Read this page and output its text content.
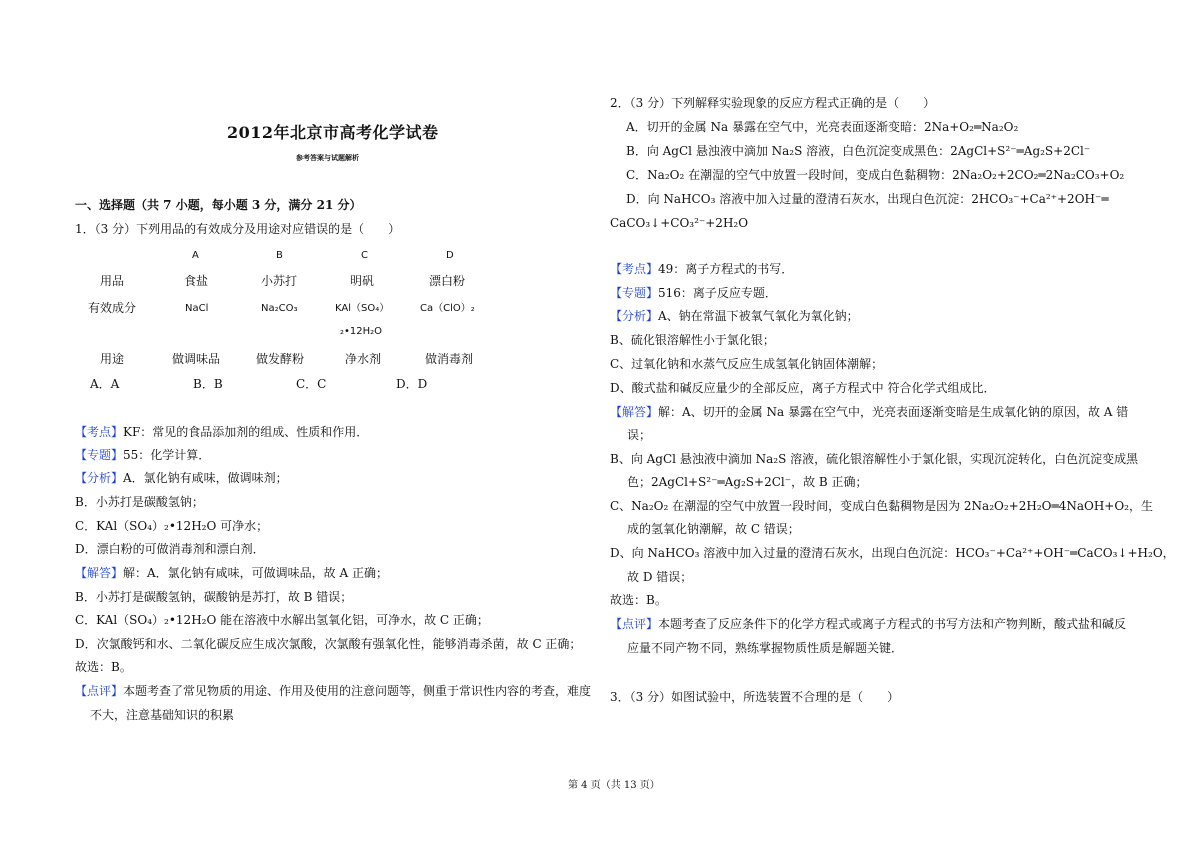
2012年北京市高考化学试卷
参考答案与试题解析
一、选择题（共 7 小题，每小题 3 分，满分 21 分）
1．（3 分）下列用品的有效成分及用途对应错误的是（　　）
A	B	C	D
用品	食盐	小苏打	明矾	漂白粉
有效成分	NaCl	Na₂CO₃	KAl（SO₄）	Ca（ClO）₂
₂•12H₂O
用途	做调味品	做发酵粉	净水剂	做消毒剂
A．A	B．B	C．C	D．D
【考点】KF：常见的食品添加剂的组成、性质和作用．
【专题】55：化学计算．
【分析】A．氯化钠有咸味，做调味剂；
B．小苏打是碳酸氢钠；
C．KAl（SO₄）₂•12H₂O 可净水；
D．漂白粉的可做消毒剂和漂白剂．
【解答】解：A．氯化钠有咸味，可做调味品，故 A 正确；
B．小苏打是碳酸氢钠，碳酸钠是苏打，故 B 错误；
C．KAl（SO₄）₂•12H₂O 能在溶液中水解出氢氧化铝，可净水，故 C 正确；
D．次氯酸钙和水、二氧化碳反应生成次氯酸，次氯酸有强氧化性，能够消毒杀菌，故 C 正确；
故选：B。
【点评】本题考查了常见物质的用途、作用及使用的注意问题等，侧重于常识性内容的考查，难度
不大，注意基础知识的积累
2．（3 分）下列解释实验现象的反应方程式正确的是（　　）
A．切开的金属 Na 暴露在空气中，光亮表面逐渐变暗：2Na+O₂═Na₂O₂
B．向 AgCl 悬浊液中滴加 Na₂S 溶液，白色沉淀变成黑色：2AgCl+S²⁻═Ag₂S+2Cl⁻
C．Na₂O₂ 在潮湿的空气中放置一段时间，变成白色黏稠物：2Na₂O₂+2CO₂═2Na₂CO₃+O₂
D．向 NaHCO₃ 溶液中加入过量的澄清石灰水，出现白色沉淀：2HCO₃⁻+Ca²⁺+2OH⁻═
CaCO₃↓+CO₃²⁻+2H₂O
【考点】49：离子方程式的书写．
【专题】516：离子反应专题．
【分析】A、钠在常温下被氧气氧化为氧化钠；
B、硫化银溶解性小于氯化银；
C、过氧化钠和水蒸气反应生成氢氧化钠固体潮解；
D、酸式盐和碱反应量少的全部反应，离子方程式中 符合化学式组成比．
【解答】解：A、切开的金属 Na 暴露在空气中，光亮表面逐渐变暗是生成氧化钠的原因，故 A 错
误；
B、向 AgCl 悬浊液中滴加 Na₂S 溶液，硫化银溶解性小于氯化银，实现沉淀转化，白色沉淀变成黑
色；2AgCl+S²⁻═Ag₂S+2Cl⁻，故 B 正确；
C、Na₂O₂ 在潮湿的空气中放置一段时间，变成白色黏稠物是因为 2Na₂O₂+2H₂O═4NaOH+O₂，生
成的氢氧化钠潮解，故 C 错误；
D、向 NaHCO₃ 溶液中加入过量的澄清石灰水，出现白色沉淀：HCO₃⁻+Ca²⁺+OH⁻═CaCO₃↓+H₂O，
故 D 错误；
故选：B。
【点评】本题考查了反应条件下的化学方程式或离子方程式的书写方法和产物判断，酸式盐和碱反
应量不同产物不同，熟练掌握物质性质是解题关键．
3．（3 分）如图试验中，所选装置不合理的是（　　）
第 4 页（共 13 页）
